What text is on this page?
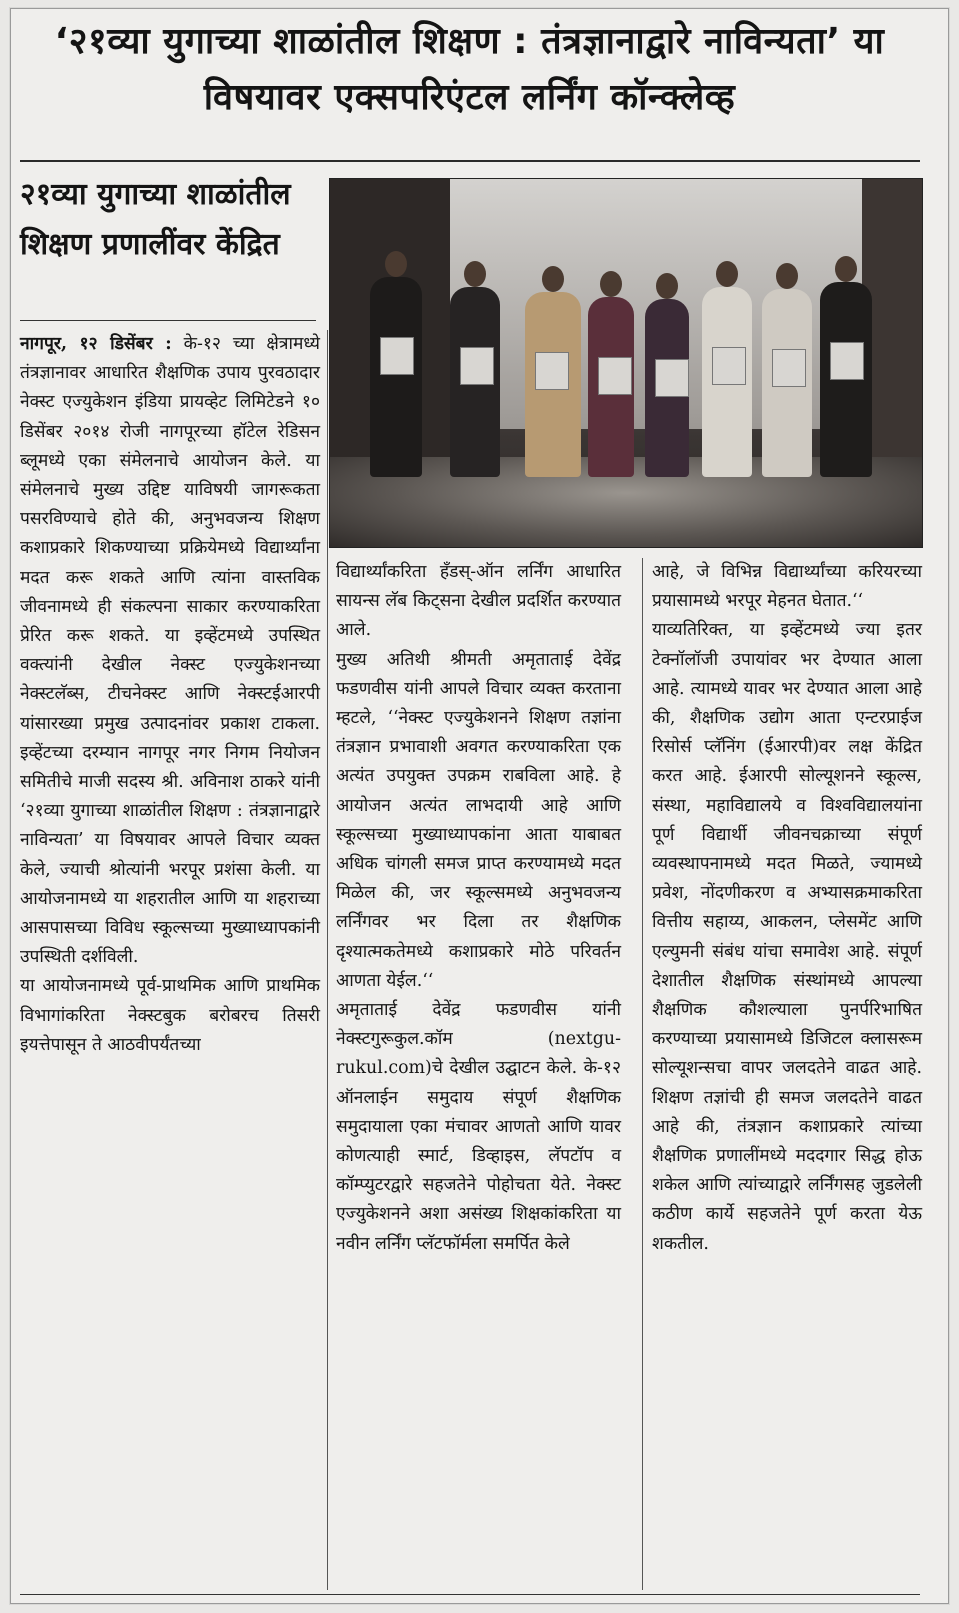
‘२१व्या युगाच्या शाळांतील शिक्षण : तंत्रज्ञानाद्वारे नाविन्यता’ या विषयावर एक्सपरिएंटल लर्निंग कॉन्क्लेव्ह
२१व्या युगाच्या शाळांतील शिक्षण प्रणालींवर केंद्रित

नागपूर, १२ डिसेंबर : के-१२ च्या क्षेत्रामध्ये तंत्रज्ञानावर आधारित शैक्षणिक उपाय पुरवठादार नेक्स्ट एज्युकेशन इंडिया प्रायव्हेट लिमिटेडने १० डिसेंबर २०१४ रोजी नागपूरच्या हॉटेल रेडिसन ब्लूमध्ये एका संमेलनाचे आयोजन केले. या संमेलनाचे मुख्य उद्दिष्ट याविषयी जागरूकता पसरविण्याचे होते की, अनुभवजन्य शिक्षण कशाप्रकारे शिकण्याच्या प्रक्रियेमध्ये विद्यार्थ्यांना मदत करू शकते आणि त्यांना वास्तविक जीवनामध्ये ही संकल्पना साकार करण्याकरिता प्रेरित करू शकते. या इव्हेंटमध्ये उपस्थित वक्त्यांनी देखील नेक्स्ट एज्युकेशनच्या नेक्स्टलॅब्स, टीचनेक्स्ट आणि नेक्स्टईआरपी यांसारख्या प्रमुख उत्पादनांवर प्रकाश टाकला. इव्हेंटच्या दरम्यान नागपूर नगर निगम नियोजन समितीचे माजी सदस्य श्री. अविनाश ठाकरे यांनी ‘२१व्या युगाच्या शाळांतील शिक्षण : तंत्रज्ञानाद्वारे नाविन्यता’ या विषयावर आपले विचार व्यक्त केले, ज्याची श्रोत्यांनी भरपूर प्रशंसा केली. या आयोजनामध्ये या शहरातील आणि या शहराच्या आसपासच्या विविध स्कूल्सच्या मुख्याध्यापकांनी उपस्थिती दर्शविली.

या आयोजनामध्ये पूर्व-प्राथमिक आणि प्राथमिक विभागांकरिता नेक्स्टबुक बरोबरच तिसरी इयत्तेपासून ते आठवीपर्यंतच्या

विद्यार्थ्यांकरिता हँडस्-ऑन लर्निंग आधारित सायन्स लॅब किट्सना देखील प्रदर्शित करण्यात आले.

मुख्य अतिथी श्रीमती अमृताताई देवेंद्र फडणवीस यांनी आपले विचार व्यक्त करताना म्हटले, ‘‘नेक्स्ट एज्युकेशनने शिक्षण तज्ञांना तंत्रज्ञान प्रभावाशी अवगत करण्याकरिता एक अत्यंत उपयुक्त उपक्रम राबविला आहे. हे आयोजन अत्यंत लाभदायी आहे आणि स्कूल्सच्या मुख्याध्यापकांना आता याबाबत अधिक चांगली समज प्राप्त करण्यामध्ये मदत मिळेल की, जर स्कूल्समध्ये अनुभवजन्य लर्निंगवर भर दिला तर शैक्षणिक दृश्यात्मकतेमध्ये कशाप्रकारे मोठे परिवर्तन आणता येईल.‘‘

अमृताताई देवेंद्र फडणवीस यांनी नेक्स्टगुरूकुल.कॉम (nextgu-rukul.com)चे देखील उद्घाटन केले. के-१२ ऑनलाईन समुदाय संपूर्ण शैक्षणिक समुदायाला एका मंचावर आणतो आणि यावर कोणत्याही स्मार्ट, डिव्हाइस, लॅपटॉप व कॉम्प्युटरद्वारे सहजतेने पोहोचता येते. नेक्स्ट एज्युकेशनने अशा असंख्य शिक्षकांकरिता या नवीन लर्निंग प्लॅटफॉर्मला समर्पित केले

आहे, जे विभिन्न विद्यार्थ्यांच्या करियरच्या प्रयासामध्ये भरपूर मेहनत घेतात.‘‘

याव्यतिरिक्त, या इव्हेंटमध्ये ज्या इतर टेक्नॉलॉजी उपायांवर भर देण्यात आला आहे. त्यामध्ये यावर भर देण्यात आला आहे की, शैक्षणिक उद्योग आता एन्टरप्राईज रिसोर्स प्लॅनिंग (ईआरपी)वर लक्ष केंद्रित करत आहे. ईआरपी सोल्यूशनने स्कूल्स, संस्था, महाविद्यालये व विश्वविद्यालयांना पूर्ण विद्यार्थी जीवनचक्राच्या संपूर्ण व्यवस्थापनामध्ये मदत मिळते, ज्यामध्ये प्रवेश, नोंदणीकरण व अभ्यासक्रमाकरिता वित्तीय सहाय्य, आकलन, प्लेसमेंट आणि एल्युमनी संबंध यांचा समावेश आहे. संपूर्ण देशातील शैक्षणिक संस्थांमध्ये आपल्या शैक्षणिक कौशल्याला पुनर्परिभाषित करण्याच्या प्रयासामध्ये डिजिटल क्लासरूम सोल्यूशन्सचा वापर जलदतेने वाढत आहे. शिक्षण तज्ञांची ही समज जलदतेने वाढत आहे की, तंत्रज्ञान कशाप्रकारे त्यांच्या शैक्षणिक प्रणालींमध्ये मददगार सिद्ध होऊ शकेल आणि त्यांच्याद्वारे लर्निंगसह जुडलेली कठीण कार्ये सहजतेने पूर्ण करता येऊ शकतील.
